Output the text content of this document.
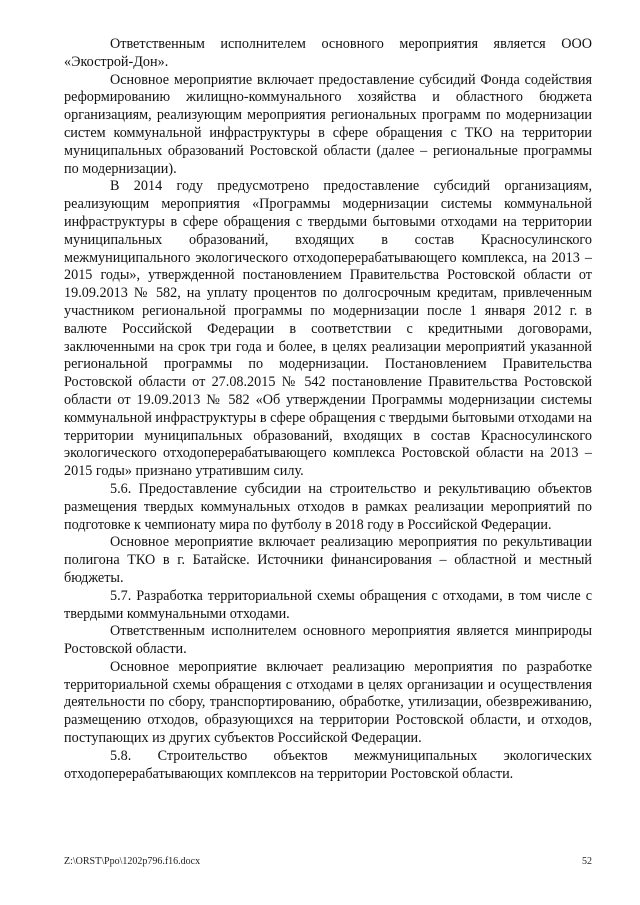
Ответственным исполнителем основного мероприятия является ООО «Экострой-Дон».

Основное мероприятие включает предоставление субсидий Фонда содействия реформированию жилищно-коммунального хозяйства и областного бюджета организациям, реализующим мероприятия региональных программ по модернизации систем коммунальной инфраструктуры в сфере обращения с ТКО на территории муниципальных образований Ростовской области (далее – региональные программы по модернизации).

В 2014 году предусмотрено предоставление субсидий организациям, реализующим мероприятия «Программы модернизации системы коммунальной инфраструктуры в сфере обращения с твердыми бытовыми отходами на территории муниципальных образований, входящих в состав Красносулинского межмуниципального экологического отходоперерабатывающего комплекса, на 2013 – 2015 годы», утвержденной постановлением Правительства Ростовской области от 19.09.2013 № 582, на уплату процентов по долгосрочным кредитам, привлеченным участником региональной программы по модернизации после 1 января 2012 г. в валюте Российской Федерации в соответствии с кредитными договорами, заключенными на срок три года и более, в целях реализации мероприятий указанной региональной программы по модернизации. Постановлением Правительства Ростовской области от 27.08.2015 № 542 постановление Правительства Ростовской области от 19.09.2013 № 582 «Об утверждении Программы модернизации системы коммунальной инфраструктуры в сфере обращения с твердыми бытовыми отходами на территории муниципальных образований, входящих в состав Красносулинского экологического отходоперерабатывающего комплекса Ростовской области на 2013 – 2015 годы» признано утратившим силу.

5.6. Предоставление субсидии на строительство и рекультивацию объектов размещения твердых коммунальных отходов в рамках реализации мероприятий по подготовке к чемпионату мира по футболу в 2018 году в Российской Федерации.

Основное мероприятие включает реализацию мероприятия по рекультивации полигона ТКО в г. Батайске. Источники финансирования – областной и местный бюджеты.

5.7. Разработка территориальной схемы обращения с отходами, в том числе с твердыми коммунальными отходами.

Ответственным исполнителем основного мероприятия является минприроды Ростовской области.

Основное мероприятие включает реализацию мероприятия по разработке территориальной схемы обращения с отходами в целях организации и осуществления деятельности по сбору, транспортированию, обработке, утилизации, обезвреживанию, размещению отходов, образующихся на территории Ростовской области, и отходов, поступающих из других субъектов Российской Федерации.

5.8. Строительство объектов межмуниципальных экологических отходоперерабатывающих комплексов на территории Ростовской области.

Z:\ORST\Ppo\1202p796.f16.docx	52
